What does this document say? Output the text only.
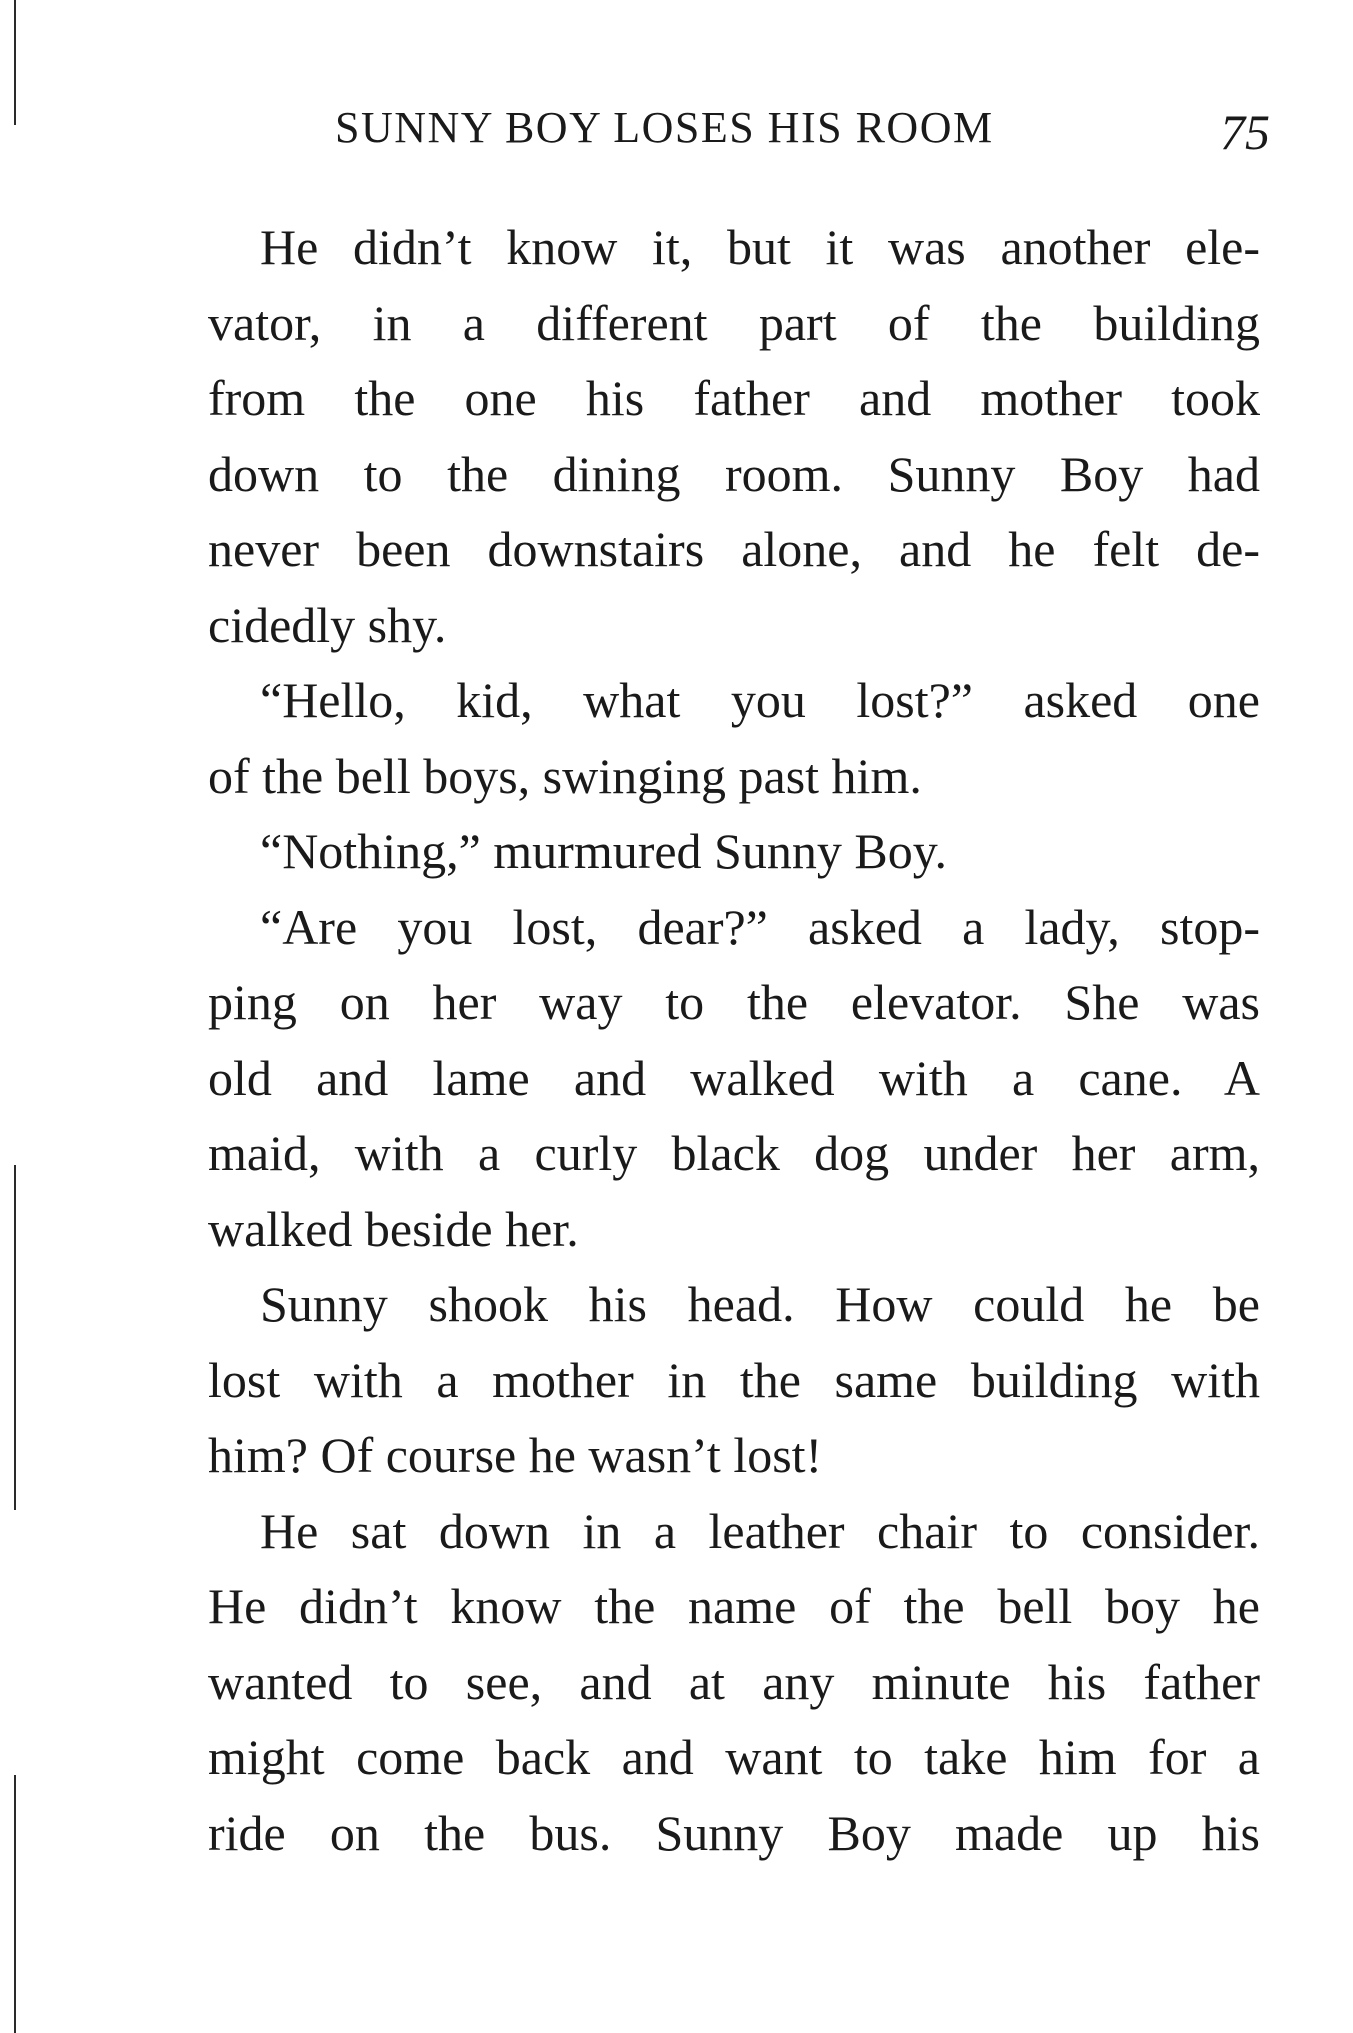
SUNNY BOY LOSES HIS ROOM	75
He didn’t know it, but it was another ele-
vator, in a different part of the building
from the one his father and mother took
down to the dining room. Sunny Boy had
never been downstairs alone, and he felt de-
cidedly shy.
“Hello, kid, what you lost?” asked one
of the bell boys, swinging past him.
“Nothing,” murmured Sunny Boy.
“Are you lost, dear?” asked a lady, stop-
ping on her way to the elevator. She was
old and lame and walked with a cane. A
maid, with a curly black dog under her arm,
walked beside her.
Sunny shook his head. How could he be
lost with a mother in the same building with
him? Of course he wasn’t lost!
He sat down in a leather chair to consider.
He didn’t know the name of the bell boy he
wanted to see, and at any minute his father
might come back and want to take him for a
ride on the bus. Sunny Boy made up his
